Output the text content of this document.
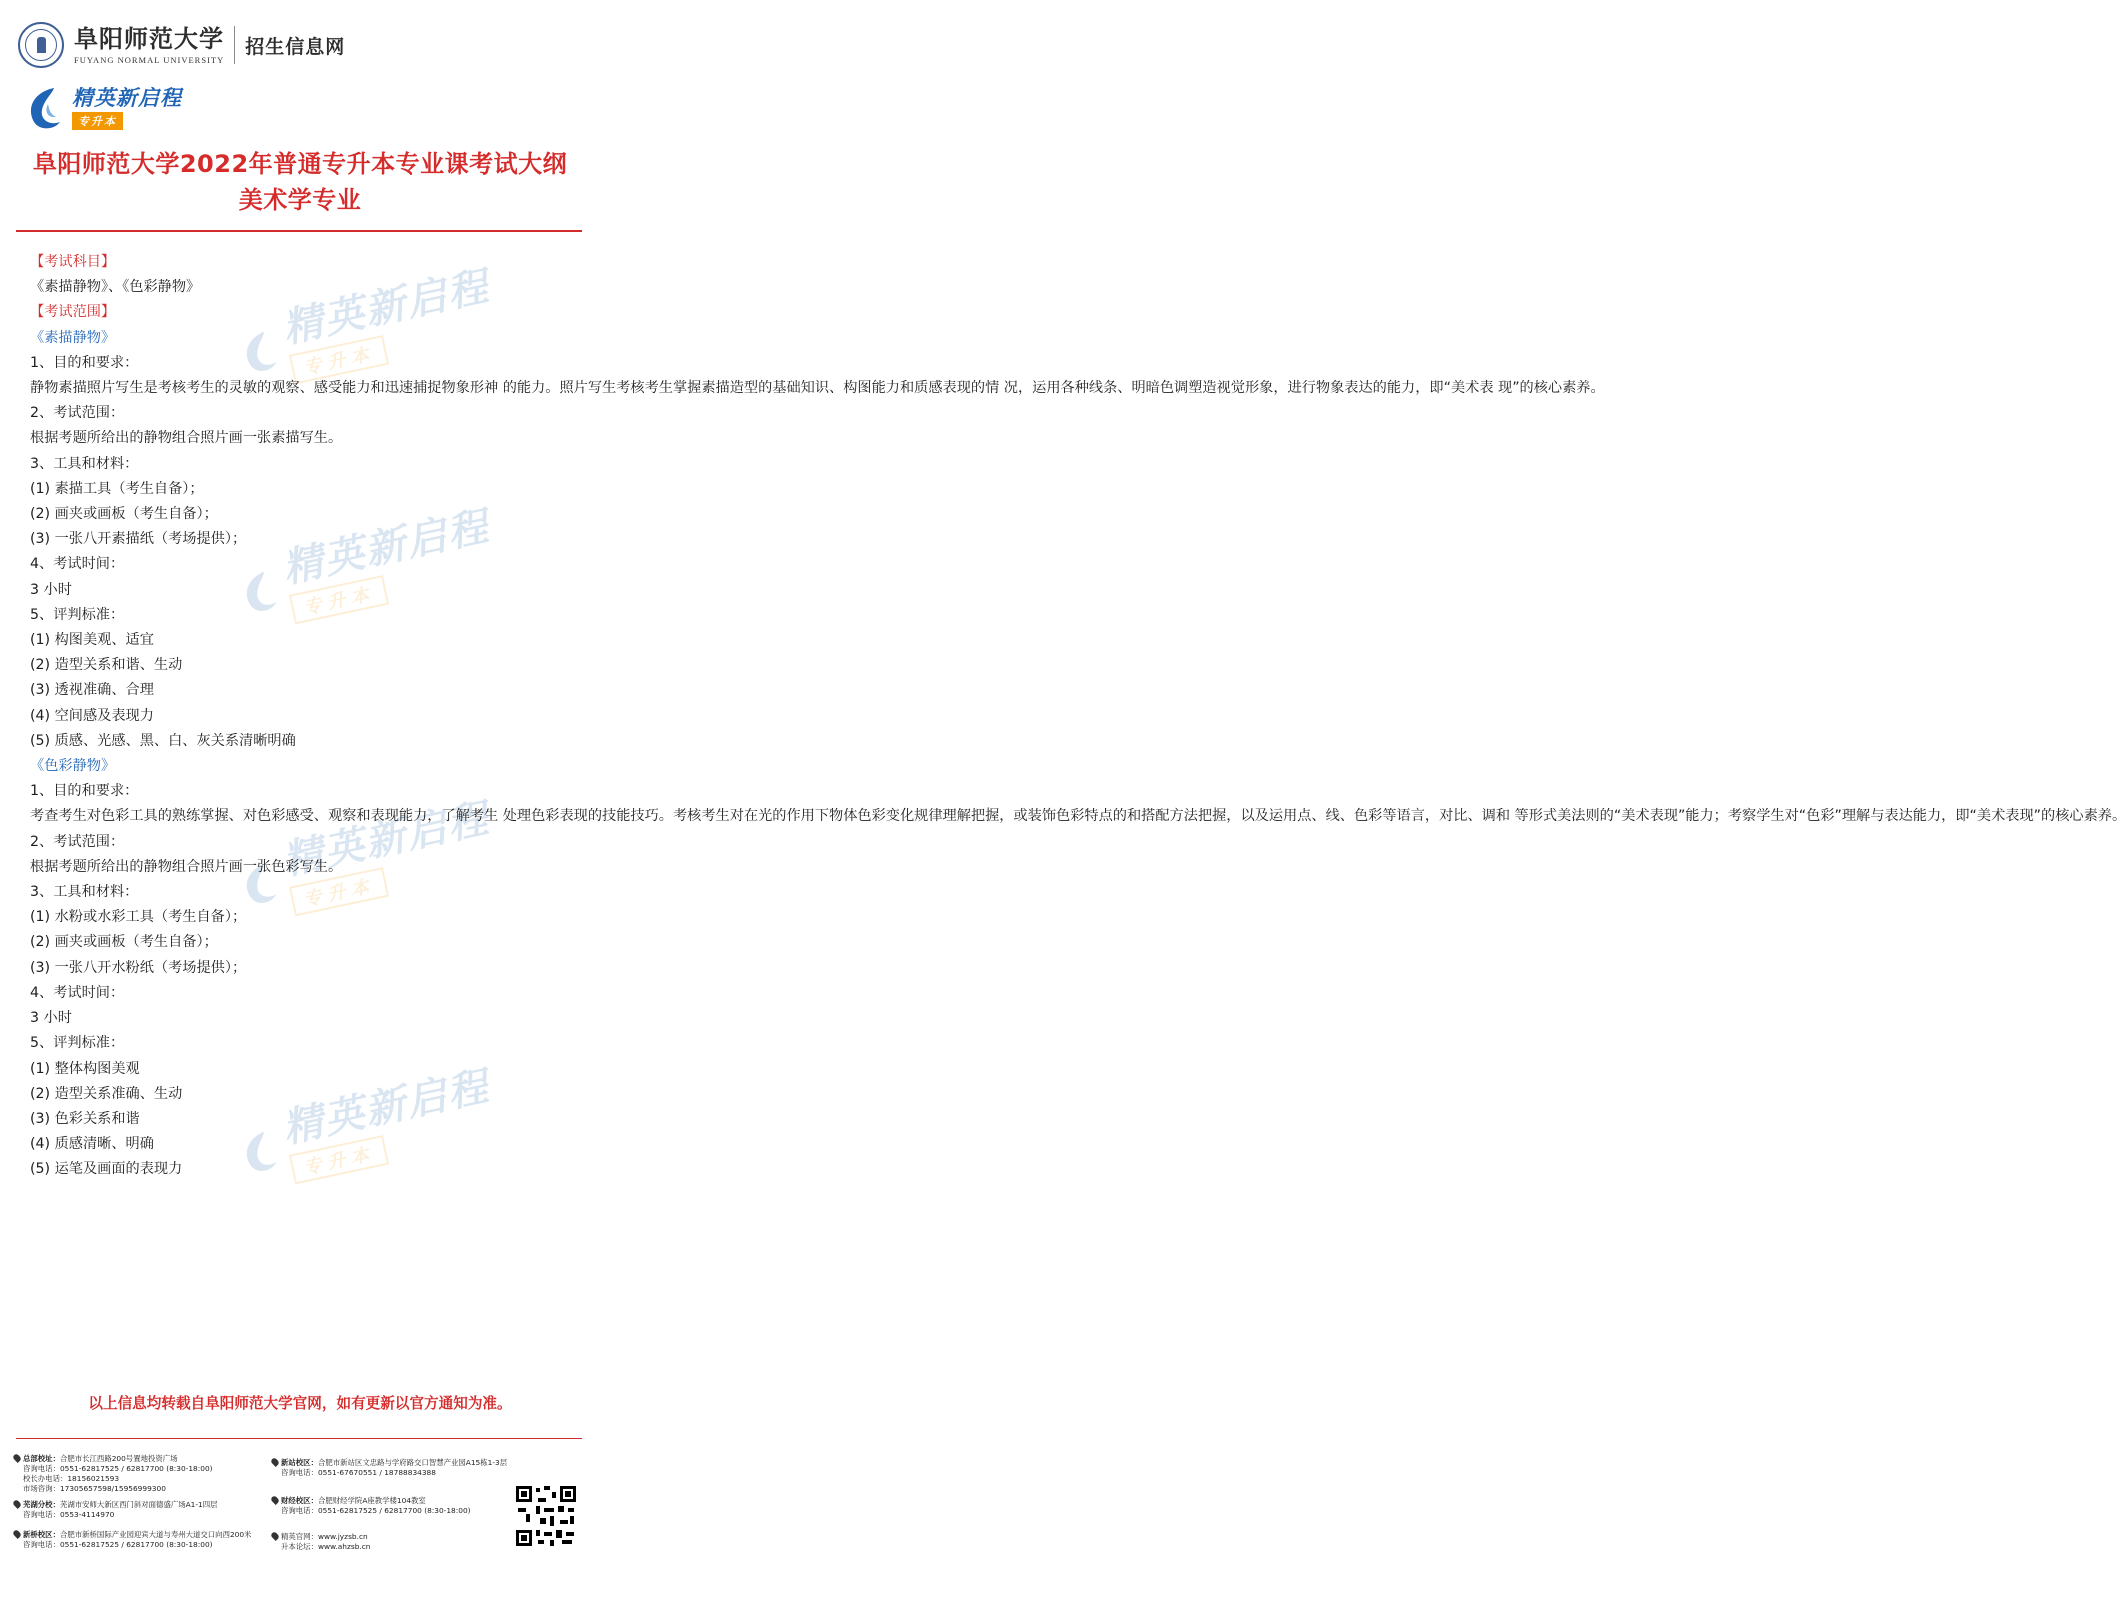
阜阳师范大学
FUYANG NORMAL UNIVERSITY
招生信息网
精英新启程
专升本
阜阳师范大学2022年普通专升本专业课考试大纲
美术学专业
精英新启程
专升本
精英新启程
专升本
精英新启程
专升本
精英新启程
专升本
【考试科目】
《素描静物》、《色彩静物》
【考试范围】
《素描静物》
1、目的和要求：
静物素描照片写生是考核考生的灵敏的观察、感受能力和迅速捕捉物象形神 的能力。照片写生考核考生掌握素描造型的基础知识、构图能力和质感表现的情 况，运用各种线条、明暗色调塑造视觉形象，进行物象表达的能力，即“美术表 现”的核心素养。
2、考试范围：
根据考题所给出的静物组合照片画一张素描写生。
3、工具和材料：
(1) 素描工具（考生自备）；
(2) 画夹或画板（考生自备）；
(3) 一张八开素描纸（考场提供）；
4、考试时间：
3 小时
5、评判标准：
(1) 构图美观、适宜
(2) 造型关系和谐、生动
(3) 透视准确、合理
(4) 空间感及表现力
(5) 质感、光感、黑、白、灰关系清晰明确
《色彩静物》
1、目的和要求：
考查考生对色彩工具的熟练掌握、对色彩感受、观察和表现能力，了解考生 处理色彩表现的技能技巧。考核考生对在光的作用下物体色彩变化规律理解把握，或装饰色彩特点的和搭配方法把握，以及运用点、线、色彩等语言，对比、调和 等形式美法则的“美术表现”能力；考察学生对“色彩”理解与表达能力，即“美术表现”的核心素养。
2、考试范围：
根据考题所给出的静物组合照片画一张色彩写生。
3、工具和材料：
(1) 水粉或水彩工具（考生自备）；
(2) 画夹或画板（考生自备）；
(3) 一张八开水粉纸（考场提供）；
4、考试时间：
3 小时
5、评判标准：
(1) 整体构图美观
(2) 造型关系准确、生动
(3) 色彩关系和谐
(4) 质感清晰、明确
(5) 运笔及画面的表现力
以上信息均转载自阜阳师范大学官网，如有更新以官方通知为准。
总部校址：合肥市长江西路200号置地投资广场
咨询电话：0551-62817525 / 62817700 (8:30-18:00)
校长办电话：18156021593
市场咨询：17305657598/15956999300
芜湖分校：芜湖市安师大新区西门斜对面德盛广场A1-1四层
咨询电话：0553-4114970
新桥校区：合肥市新桥国际产业园迎宾大道与寿州大道交口向西200米
咨询电话：0551-62817525 / 62817700 (8:30-18:00)
新站校区：合肥市新站区文忠路与学府路交口智慧产业园A15栋1-3层
咨询电话：0551-67670551 / 18788834388
财经校区：合肥财经学院A座教学楼104教室
咨询电话：0551-62817525 / 62817700 (8:30-18:00)
精英官网：www.jyzsb.cn
升本论坛：www.ahzsb.cn
